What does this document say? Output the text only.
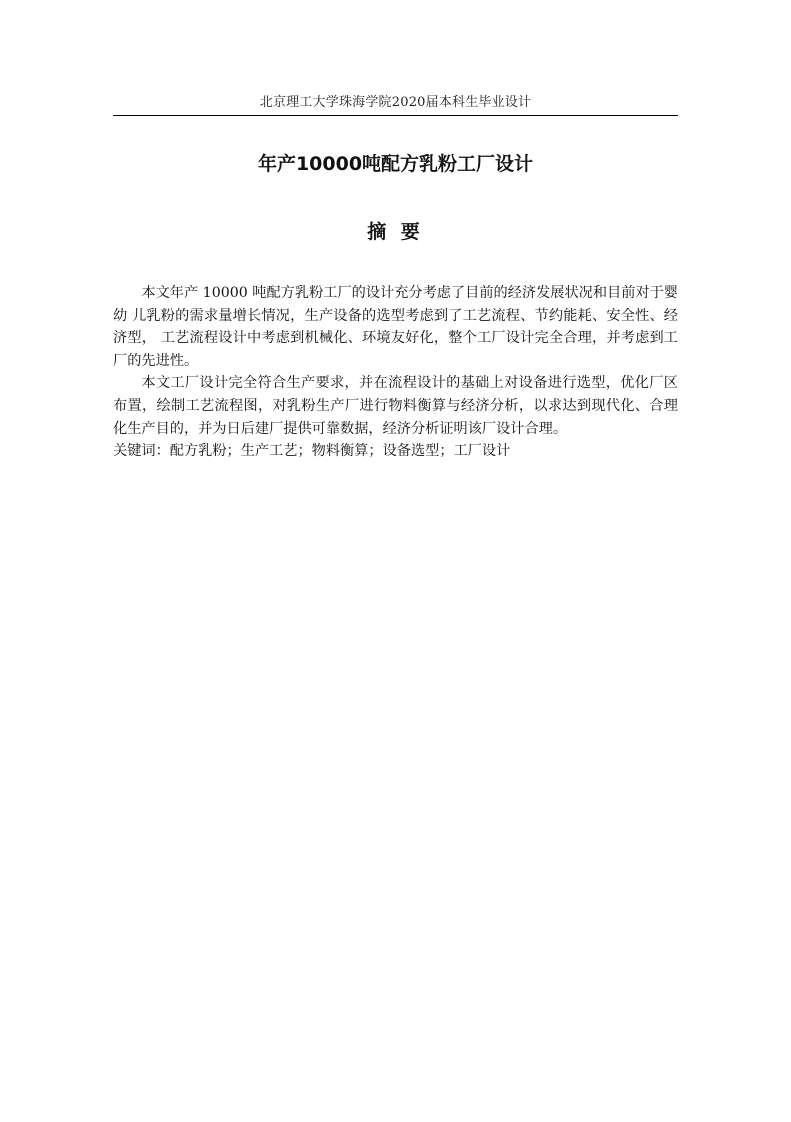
北京理工大学珠海学院2020届本科生毕业设计
年产10000吨配方乳粉工厂设计
摘 要

本文年产 10000 吨配方乳粉工厂的设计充分考虑了目前的经济发展状况和目前对于婴幼 儿乳粉的需求量增长情况，生产设备的选型考虑到了工艺流程、节约能耗、安全性、经济型， 工艺流程设计中考虑到机械化、环境友好化，整个工厂设计完全合理，并考虑到工厂的先进性。

本文工厂设计完全符合生产要求，并在流程设计的基础上对设备进行选型，优化厂区布置，绘制工艺流程图，对乳粉生产厂进行物料衡算与经济分析，以求达到现代化、合理化生产目的，并为日后建厂提供可靠数据，经济分析证明该厂设计合理。

关键词：配方乳粉；生产工艺；物料衡算；设备选型；工厂设计
